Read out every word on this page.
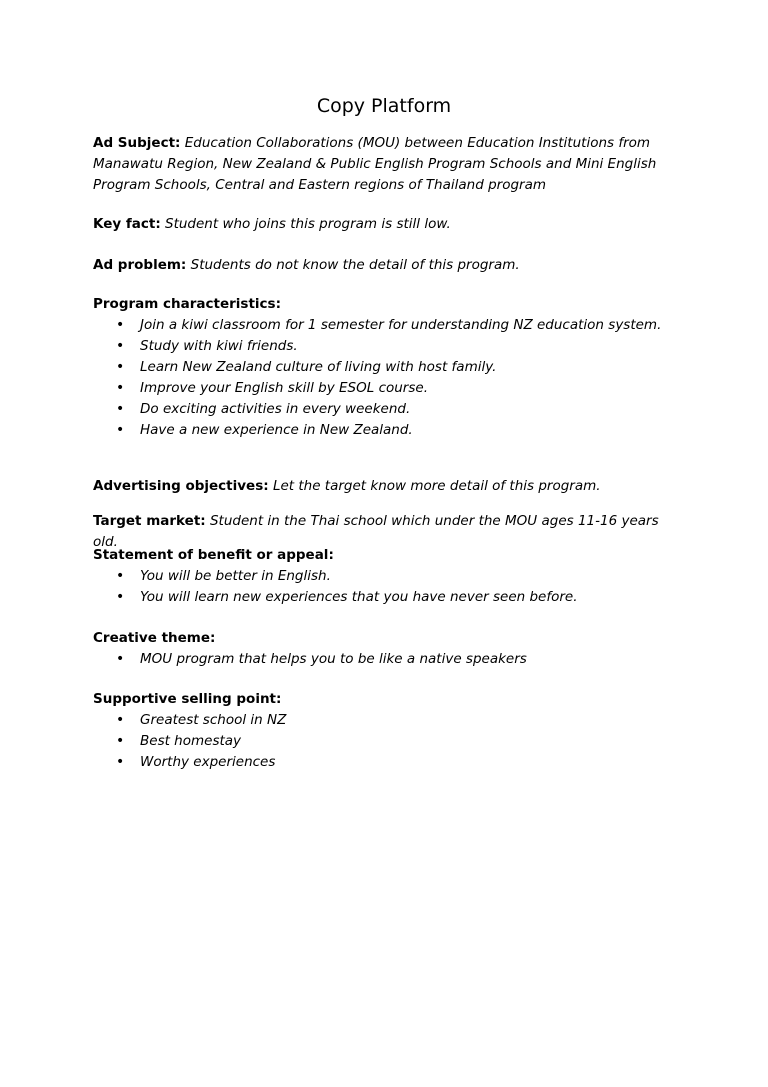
Copy Platform

Ad Subject: Education Collaborations (MOU) between Education Institutions from Manawatu Region, New Zealand & Public English Program Schools and Mini English Program Schools, Central and Eastern regions of Thailand program

Key fact: Student who joins this program is still low.

Ad problem: Students do not know the detail of this program.

Program characteristics:
• Join a kiwi classroom for 1 semester for understanding NZ education system.
• Study with kiwi friends.
• Learn New Zealand culture of living with host family.
• Improve your English skill by ESOL course.
• Do exciting activities in every weekend.
• Have a new experience in New Zealand.

Advertising objectives: Let the target know more detail of this program.

Target market: Student in the Thai school which under the MOU ages 11-16 years old.

Statement of benefit or appeal:
• You will be better in English.
• You will learn new experiences that you have never seen before.
Creative theme:
• MOU program that helps you to be like a native speakers
Supportive selling point:
• Greatest school in NZ
• Best homestay
• Worthy experiences
